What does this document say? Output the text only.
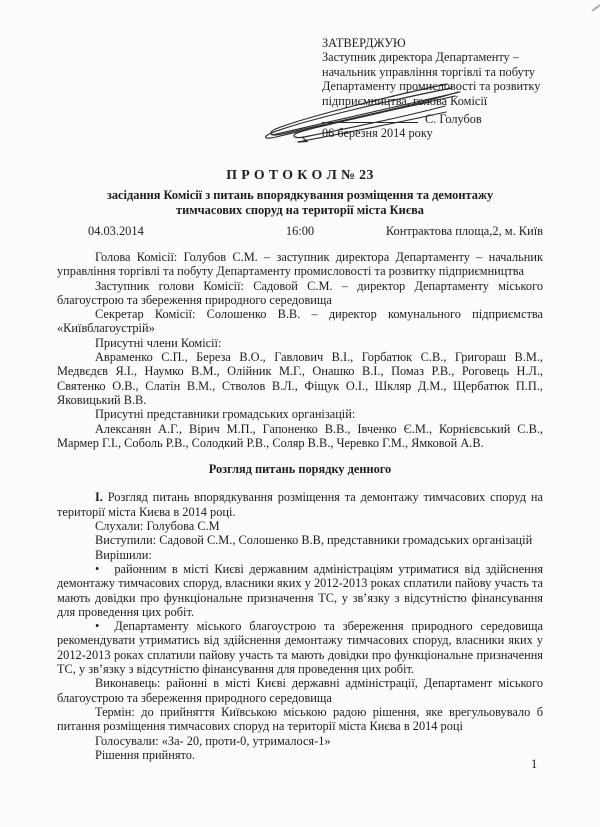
ЗАТВЕРДЖУЮ
Заступник директора Департаменту –
начальник управління торгівлі та побуту
Департаменту промисловості та розвитку
підприємництва, голова Комісії
С. Голубов
06 березня 2014 року
П Р О Т О К О Л № 23
засідання Комісії з питань впорядкування розміщення та демонтажу
тимчасових споруд на території міста Києва
04.03.2014	16:00	Контрактова площа,2, м. Київ

Голова Комісії: Голубов С.М. – заступник директора Департаменту – начальник управління торгівлі та побуту Департаменту промисловості та розвитку підприємництва

Заступник голови Комісії: Садовой С.М. – директор Департаменту міського благоустрою та збереження природного середовища

Секретар Комісії: Солошенко В.В. – директор комунального підприємства «Київблагоустрій»

Присутні члени Комісії:

Авраменко С.П., Береза В.О., Гавлович В.І., Горбатюк С.В., Григораш В.М., Медвєдєв Я.І., Наумко В.М., Олійник М.Г., Онашко В.І., Помаз Р.В., Роговець Н.Л., Святенко О.В., Слатін В.М., Стволов В.Л., Фіщук О.І., Шкляр Д.М., Щербатюк П.П., Яковицький В.В.

Присутні представники громадських організацій:

Алексанян А.Г., Вірич М.П., Гапоненко В.В., Івченко Є.М., Корнієвський С.В., Мармер Г.І., Соболь Р.В., Солодкий Р.В., Соляр В.В., Черевко Г.М., Ямковой А.В.

Розгляд питань порядку денного

І. Розгляд питань впорядкування розміщення та демонтажу тимчасових споруд на території міста Києва в 2014 році.

Слухали: Голубова С.М

Виступили: Садовой С.М., Солошенко В.В, представники громадських організацій

Вирішили:

• районним в місті Києві державним адміністраціям утриматися від здійснення демонтажу тимчасових споруд, власники яких у 2012-2013 роках сплатили пайову участь та мають довідки про функціональне призначення ТС, у зв’язку з відсутністю фінансування для проведення цих робіт.

• Департаменту міського благоустрою та збереження природного середовища рекомендувати утриматись від здійснення демонтажу тимчасових споруд, власники яких у 2012-2013 роках сплатили пайову участь та мають довідки про функціональне призначення ТС, у зв’язку з відсутністю фінансування для проведення цих робіт.

Виконавець: районні в місті Києві державні адміністрації, Департамент міського благоустрою та збереження природного середовища

Термін: до прийняття Київською міською радою рішення, яке врегульовувало б питання розміщення тимчасових споруд на території міста Києва в 2014 році

Голосували: «За- 20, проти-0, утрималося-1»

Рішення прийнято.

1
